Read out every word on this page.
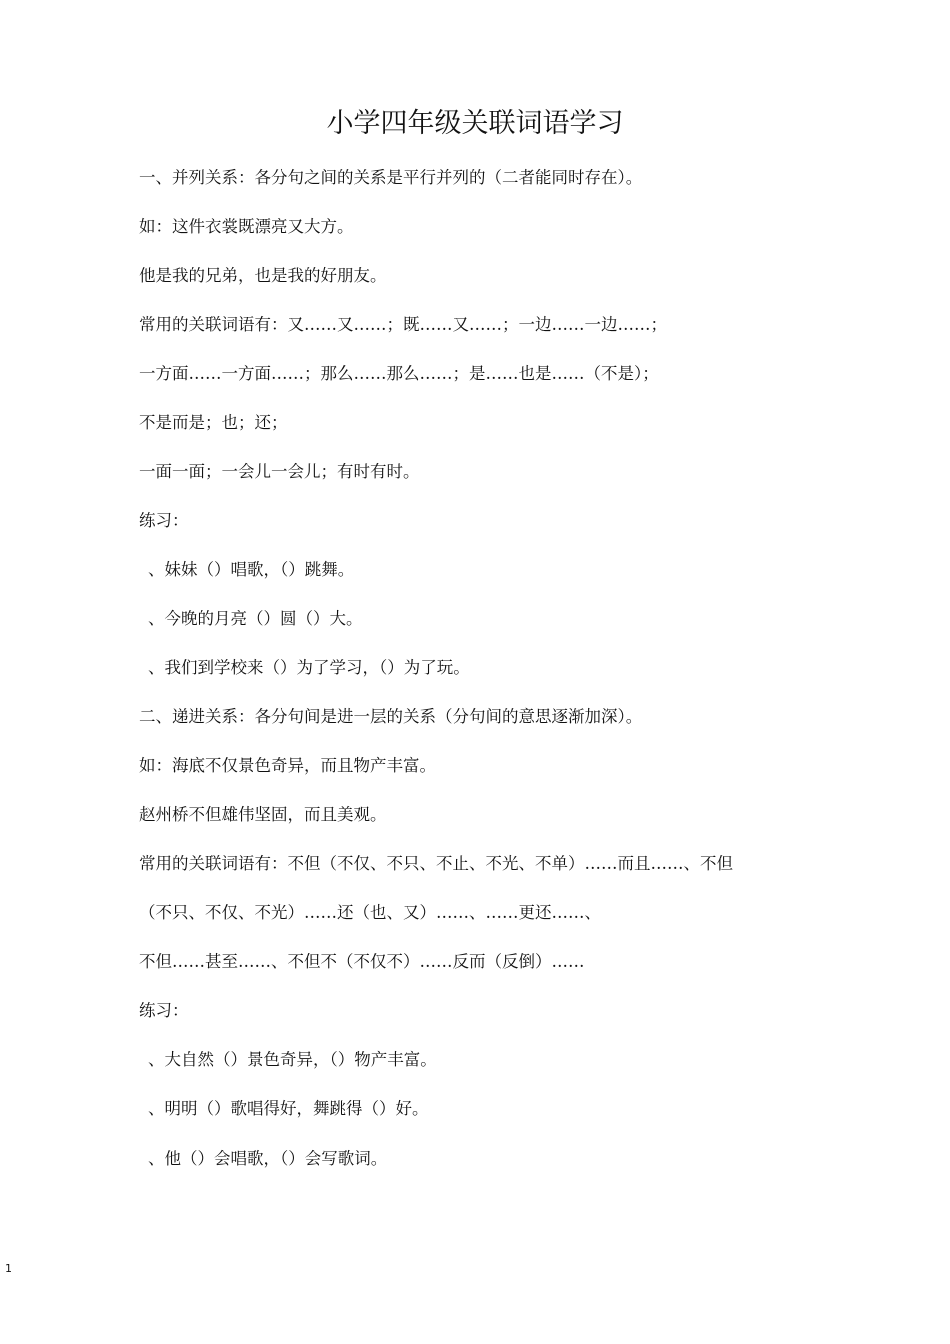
小学四年级关联词语学习

一、并列关系：各分句之间的关系是平行并列的（二者能同时存在）。

如：这件衣裳既漂亮又大方。

他是我的兄弟，也是我的好朋友。

常用的关联词语有：又……又……；既……又……；一边……一边……；

一方面……一方面……；那么……那么……；是……也是……（不是）；

不是而是；也；还；

一面一面；一会儿一会儿；有时有时。

练习：

、妹妹（）唱歌，（）跳舞。

、今晚的月亮（）圆（）大。

、我们到学校来（）为了学习，（）为了玩。

二、递进关系：各分句间是进一层的关系（分句间的意思逐渐加深）。

如：海底不仅景色奇异，而且物产丰富。

赵州桥不但雄伟坚固，而且美观。

常用的关联词语有：不但（不仅、不只、不止、不光、不单）……而且……、不但

（不只、不仅、不光）……还（也、又）……、……更还……、

不但……甚至……、不但不（不仅不）……反而（反倒）……

练习：

、大自然（）景色奇异，（）物产丰富。

、明明（）歌唱得好，舞跳得（）好。

、他（）会唱歌，（）会写歌词。

1
